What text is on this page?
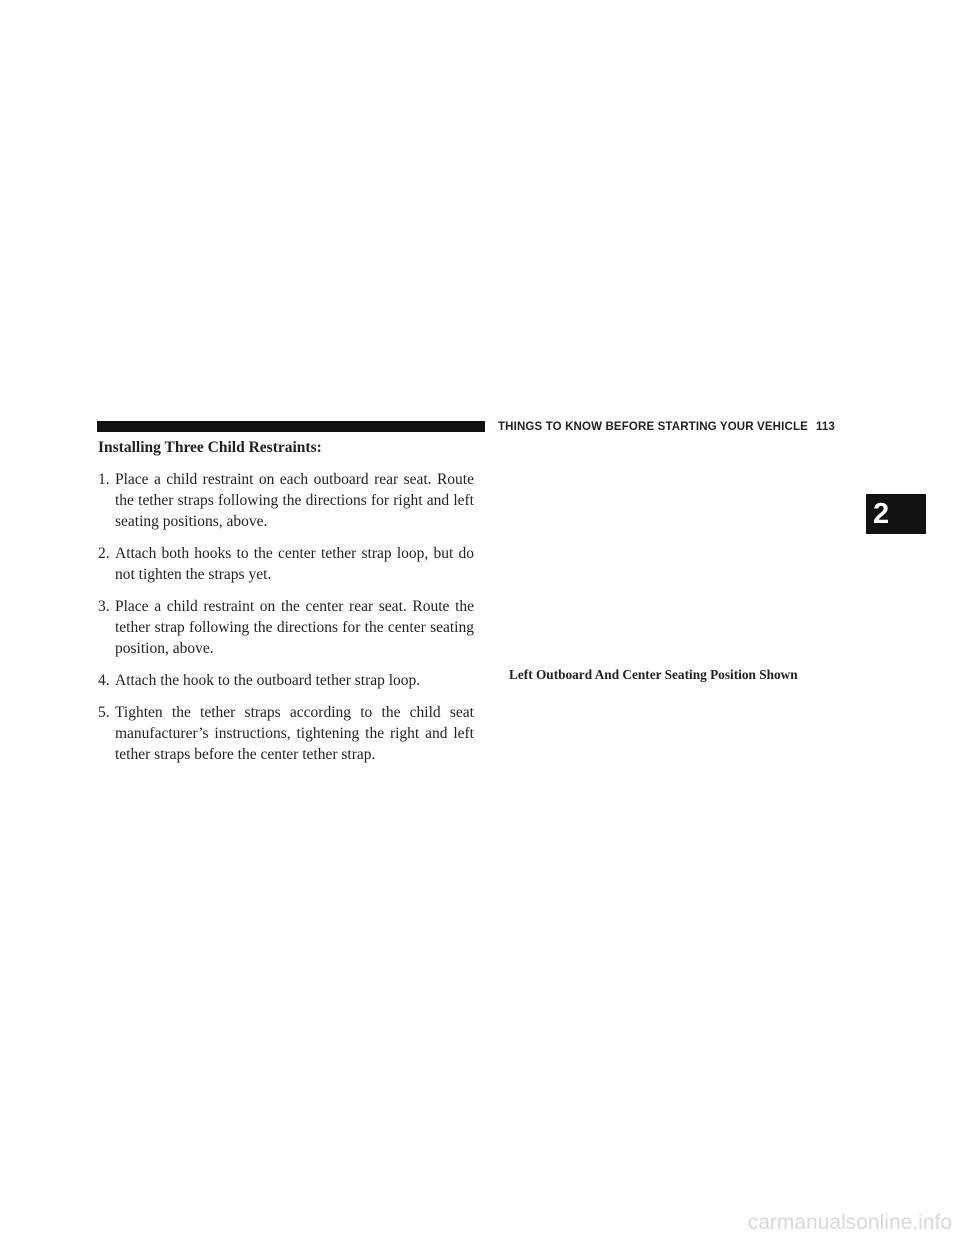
THINGS TO KNOW BEFORE STARTING YOUR VEHICLE 113
2
Installing Three Child Restraints:
1. Place a child restraint on each outboard rear seat. Route the tether straps following the directions for right and left seating positions, above.
2. Attach both hooks to the center tether strap loop, but do not tighten the straps yet.
3. Place a child restraint on the center rear seat. Route the tether strap following the directions for the center seating position, above.
4. Attach the hook to the outboard tether strap loop.
5. Tighten the tether straps according to the child seat manufacturer’s instructions, tightening the right and left tether straps before the center tether strap.
Left Outboard And Center Seating Position Shown
carmanualsonline.info
